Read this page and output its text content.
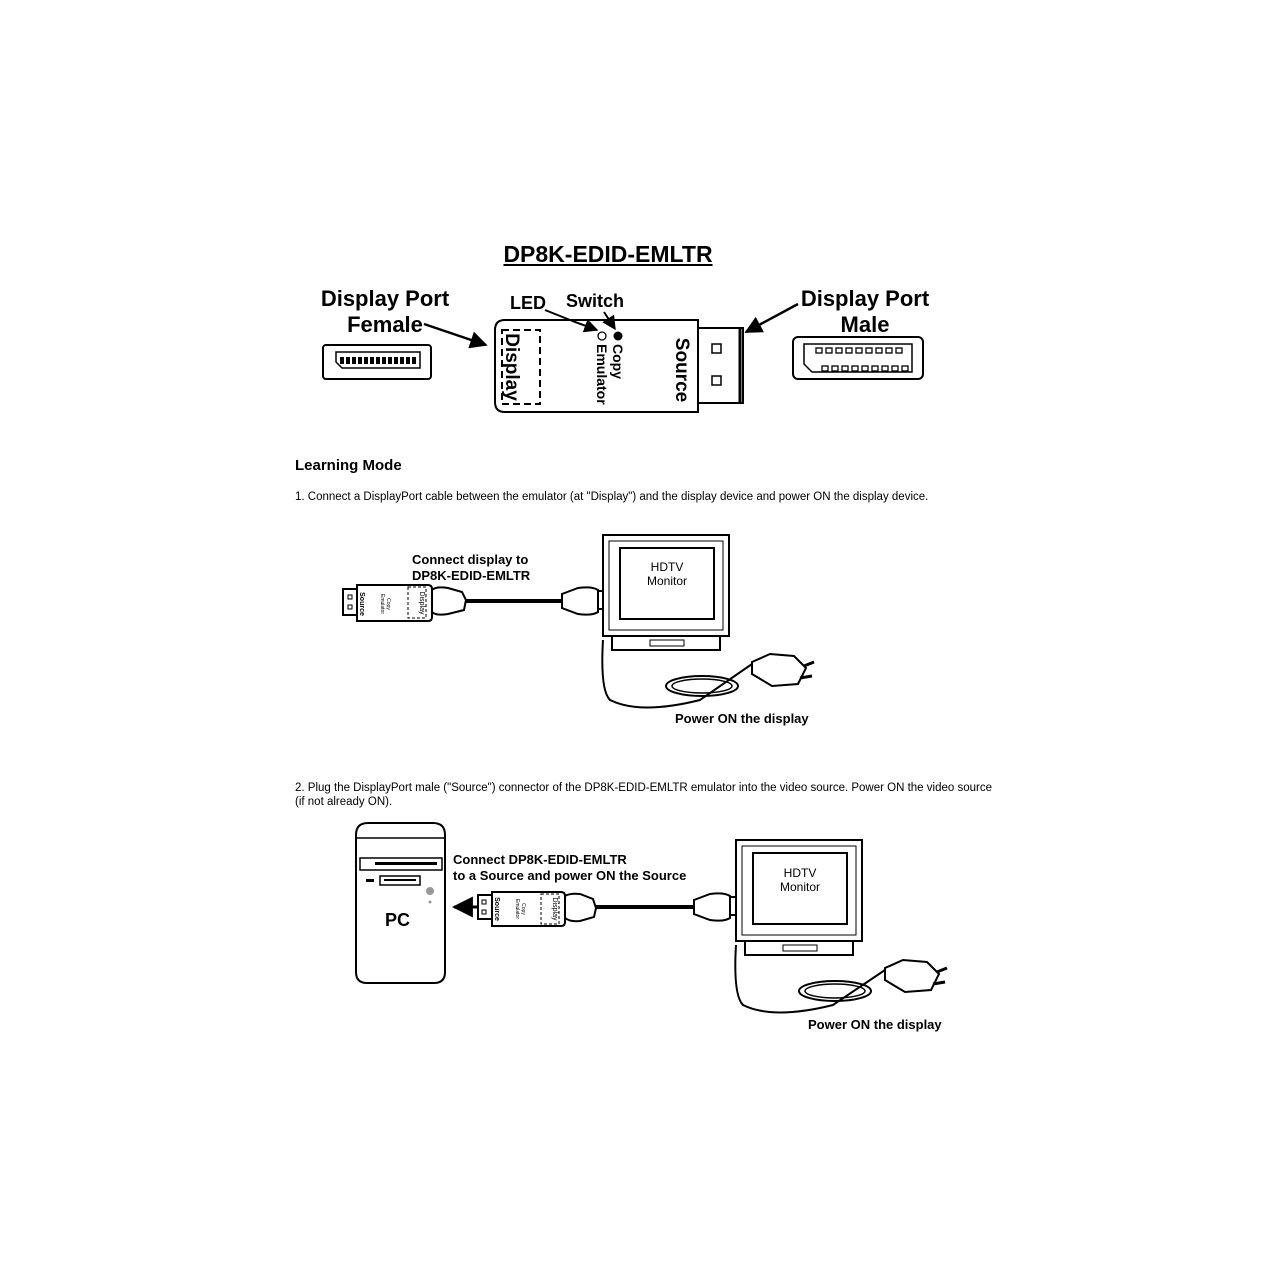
DP8K-EDID-EMLTR
Display Port
Female
Display Port
Male
LED Switch
Display	Source
Copy
Emulator
Source	Display
Copy
Emulator
Source	Display
Copy
Emulator
Learning Mode
1. Connect a DisplayPort cable between the emulator (at "Display") and the display device and power ON the display device.
2. Plug the DisplayPort male ("Source") connector of the DP8K-EDID-EMLTR emulator into the video source. Power ON the video source (if not already ON).
Connect display to
DP8K-EDID-EMLTR
HDTV
Monitor
Power ON the display
Connect DP8K-EDID-EMLTR
to a Source and power ON the Source
PC
HDTV
Monitor
Power ON the display
